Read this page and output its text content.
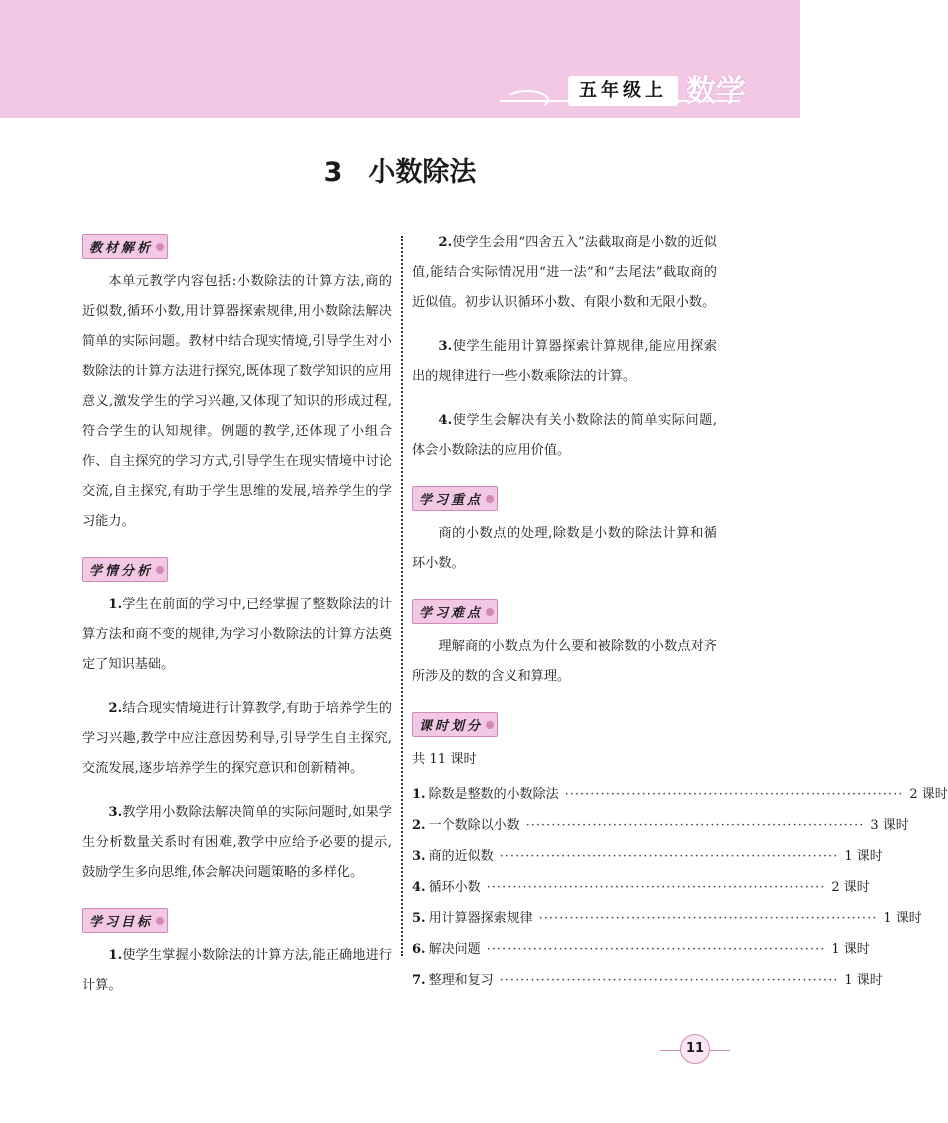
五年级上 数学
3 小数除法
教材解析

本单元教学内容包括:小数除法的计算方法,商的近似数,循环小数,用计算器探索规律,用小数除法解决简单的实际问题。教材中结合现实情境,引导学生对小数除法的计算方法进行探究,既体现了数学知识的应用意义,激发学生的学习兴趣,又体现了知识的形成过程,符合学生的认知规律。例题的教学,还体现了小组合作、自主探究的学习方式,引导学生在现实情境中讨论交流,自主探究,有助于学生思维的发展,培养学生的学习能力。

学情分析

1.学生在前面的学习中,已经掌握了整数除法的计算方法和商不变的规律,为学习小数除法的计算方法奠定了知识基础。

2.结合现实情境进行计算教学,有助于培养学生的学习兴趣,教学中应注意因势利导,引导学生自主探究,交流发展,逐步培养学生的探究意识和创新精神。

3.教学用小数除法解决简单的实际问题时,如果学生分析数量关系时有困难,教学中应给予必要的提示,鼓励学生多向思维,体会解决问题策略的多样化。

学习目标

1.使学生掌握小数除法的计算方法,能正确地进行计算。

2.使学生会用“四舍五入”法截取商是小数的近似值,能结合实际情况用“进一法”和“去尾法”截取商的近似值。初步认识循环小数、有限小数和无限小数。

3.使学生能用计算器探索计算规律,能应用探索出的规律进行一些小数乘除法的计算。

4.使学生会解决有关小数除法的简单实际问题,体会小数除法的应用价值。

学习重点

商的小数点的处理,除数是小数的除法计算和循环小数。

学习难点

理解商的小数点为什么要和被除数的小数点对齐所涉及的数的含义和算理。

课时划分

共 11 课时

1. 除数是整数的小数除法 ·································································· 2 课时
2. 一个数除以小数 ·································································· 3 课时
3. 商的近似数 ·································································· 1 课时
4. 循环小数 ·································································· 2 课时
5. 用计算器探索规律 ·································································· 1 课时
6. 解决问题 ·································································· 1 课时
7. 整理和复习 ·································································· 1 课时
11
